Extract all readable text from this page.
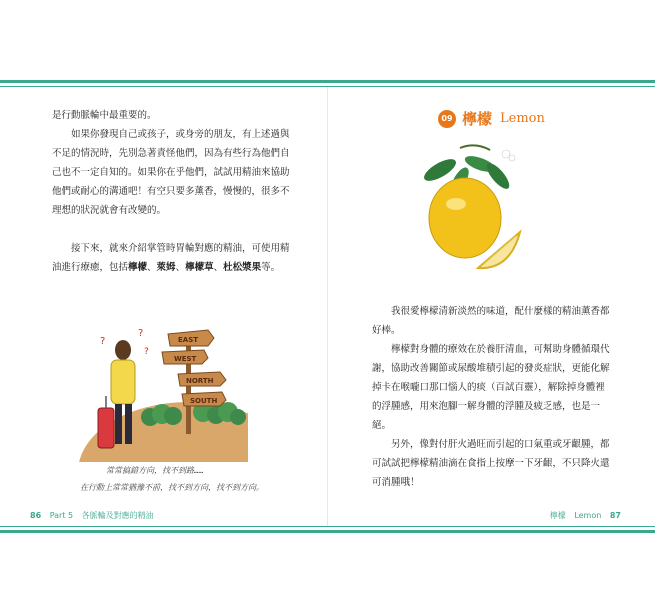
是行動脈輪中最重要的。

如果你發現自己或孩子，或身旁的朋友，有上述過與不足的情況時，先別急著責怪他們，因為有些行為他們自己也不一定自知的。如果你在乎他們，試試用精油來協助他們或耐心的溝通吧！有空只要多薰香，慢慢的，很多不理想的狀況就會有改變的。

接下來，就來介紹掌管時胃輪對應的精油，可使用精油進行療癒，包括檸檬、萊姆、檸檬草、杜松漿果等。

EAST
WEST
NORTH
SOUTH
?
?
?
常常搞錯方向，找不到路……
在行動上常常猶豫不前，找不到方向，找不到方向。
09 檸檬 Lemon

我很愛檸檬清新淡然的味道，配什麼樣的精油薰香都好棒。

檸檬對身體的療效在於養肝清血，可幫助身體循環代謝，協助改善關節或尿酸堆積引起的發炎症狀，更能化解掉卡在喉嚨口那口惱人的痰（百試百靈），解除掉身體裡的浮腫感，用來泡腳一解身體的浮腫及疲乏感，也是一絕。

另外，像對付肝火過旺而引起的口氣重或牙齦腫，都可試試把檸檬精油滴在食指上按摩一下牙齦，不只降火還可消腫哦！

86 Part 5 各脈輪及對應的精油	檸檬 Lemon 87
